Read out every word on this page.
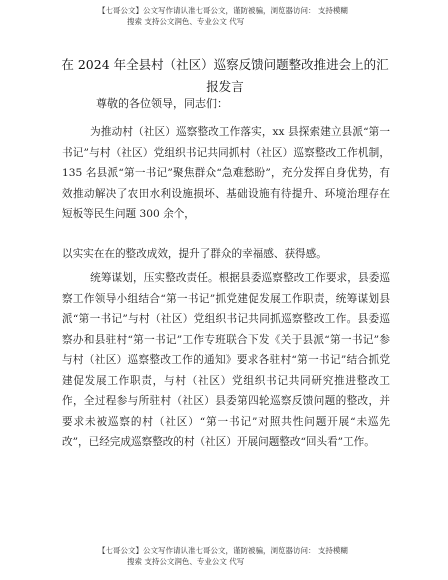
【七哥公文】公文写作请认准七哥公文，谨防被骗，浏览器访问： 支持模糊
搜索 支持公文润色、专业公文 代写
在 2024 年全县村（社区）巡察反馈问题整改推进会上的汇报发言
尊敬的各位领导，同志们：
为推动村（社区）巡察整改工作落实，xx 县探索建立县派“第一书记”与村（社区）党组织书记共同抓村（社区）巡察整改工作机制，135 名县派“第一书记”聚焦群众“急难愁盼”，充分发挥自身优势，有效推动解决了农田水利设施损坏、基础设施有待提升、环境治理存在短板等民生问题 300 余个，
以实实在在的整改成效，提升了群众的幸福感、获得感。
统筹谋划，压实整改责任。根据县委巡察整改工作要求，县委巡察工作领导小组结合“第一书记”抓党建促发展工作职责，统筹谋划县派“第一书记”与村（社区）党组织书记共同抓巡察整改工作。县委巡察办和县驻村“第一书记”工作专班联合下发《关于县派“第一书记”参与村（社区）巡察整改工作的通知》要求各驻村“第一书记”结合抓党建促发展工作职责，与村（社区）党组织书记共同研究推进整改工作，全过程参与所驻村（社区）县委第四轮巡察反馈问题的整改，并要求未被巡察的村（社区）“第一书记”对照共性问题开展“未巡先改”，已经完成巡察整改的村（社区）开展问题整改“回头看”工作。
【七哥公文】公文写作请认准七哥公文，谨防被骗，浏览器访问： 支持模糊
搜索 支持公文润色、专业公文 代写
